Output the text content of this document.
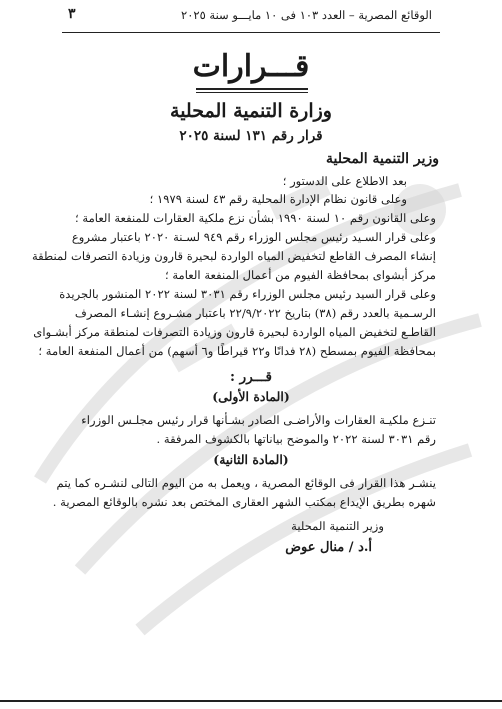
الوقائع المصرية – العدد ١٠٣ فى ١٠ مايـــو سنة ٢٠٢٥
٣
قـــرارات
وزارة التنمية المحلية
قرار رقم ١٣١ لسنة ٢٠٢٥
وزير التنمية المحلية
بعد الاطلاع على الدستور ؛
وعلى قانون نظام الإدارة المحلية رقم ٤٣ لسنة ١٩٧٩ ؛
وعلى القانون رقم ١٠ لسنة ١٩٩٠ بشأن نزع ملكية العقارات للمنفعة العامة ؛
وعلى قرار السـيد رئيس مجلس الوزراء رقم ٩٤٩ لسـنة ٢٠٢٠ باعتبار مشروع
إنشاء المصرف القاطع لتخفيض المياه الواردة لبحيرة قارون وزيادة التصرفات لمنطقة
مركز أبشواى بمحافظة الفيوم من أعمال المنفعة العامة ؛
وعلى قرار السيد رئيس مجلس الوزراء رقم ٣٠٣١ لسنة ٢٠٢٢ المنشور بالجريدة
الرسـمية بالعدد رقم (٣٨) بتاريخ ٢٢/٩/٢٠٢٢ باعتبار مشـروع إنشـاء المصرف
القاطـع لتخفيض المياه الواردة لبحيرة قارون وزيادة التصرفات لمنطقة مركز أبشـواى
بمحافظة الفيوم بمسطح (٢٨ فدانًا و٢٢ قيراطًا و٦ أسهم) من أعمال المنفعة العامة ؛
قـــرر :
(المادة الأولى)
تنـزع ملكيـة العقارات والأراضـى الصادر بشـأنها قرار رئيس مجلـس الوزراء
رقم ٣٠٣١ لسنة ٢٠٢٢ والموضح بياناتها بالكشوف المرفقة .
(المادة الثانية)
ينشـر هذا القرار فى الوقائع المصرية ، ويعمل به من اليوم التالى لنشـره كما يتم
شهره بطريق الإيداع بمكتب الشهر العقارى المختص بعد نشره بالوقائع المصرية .
وزير التنمية المحلية
أ.د / منال عوض
